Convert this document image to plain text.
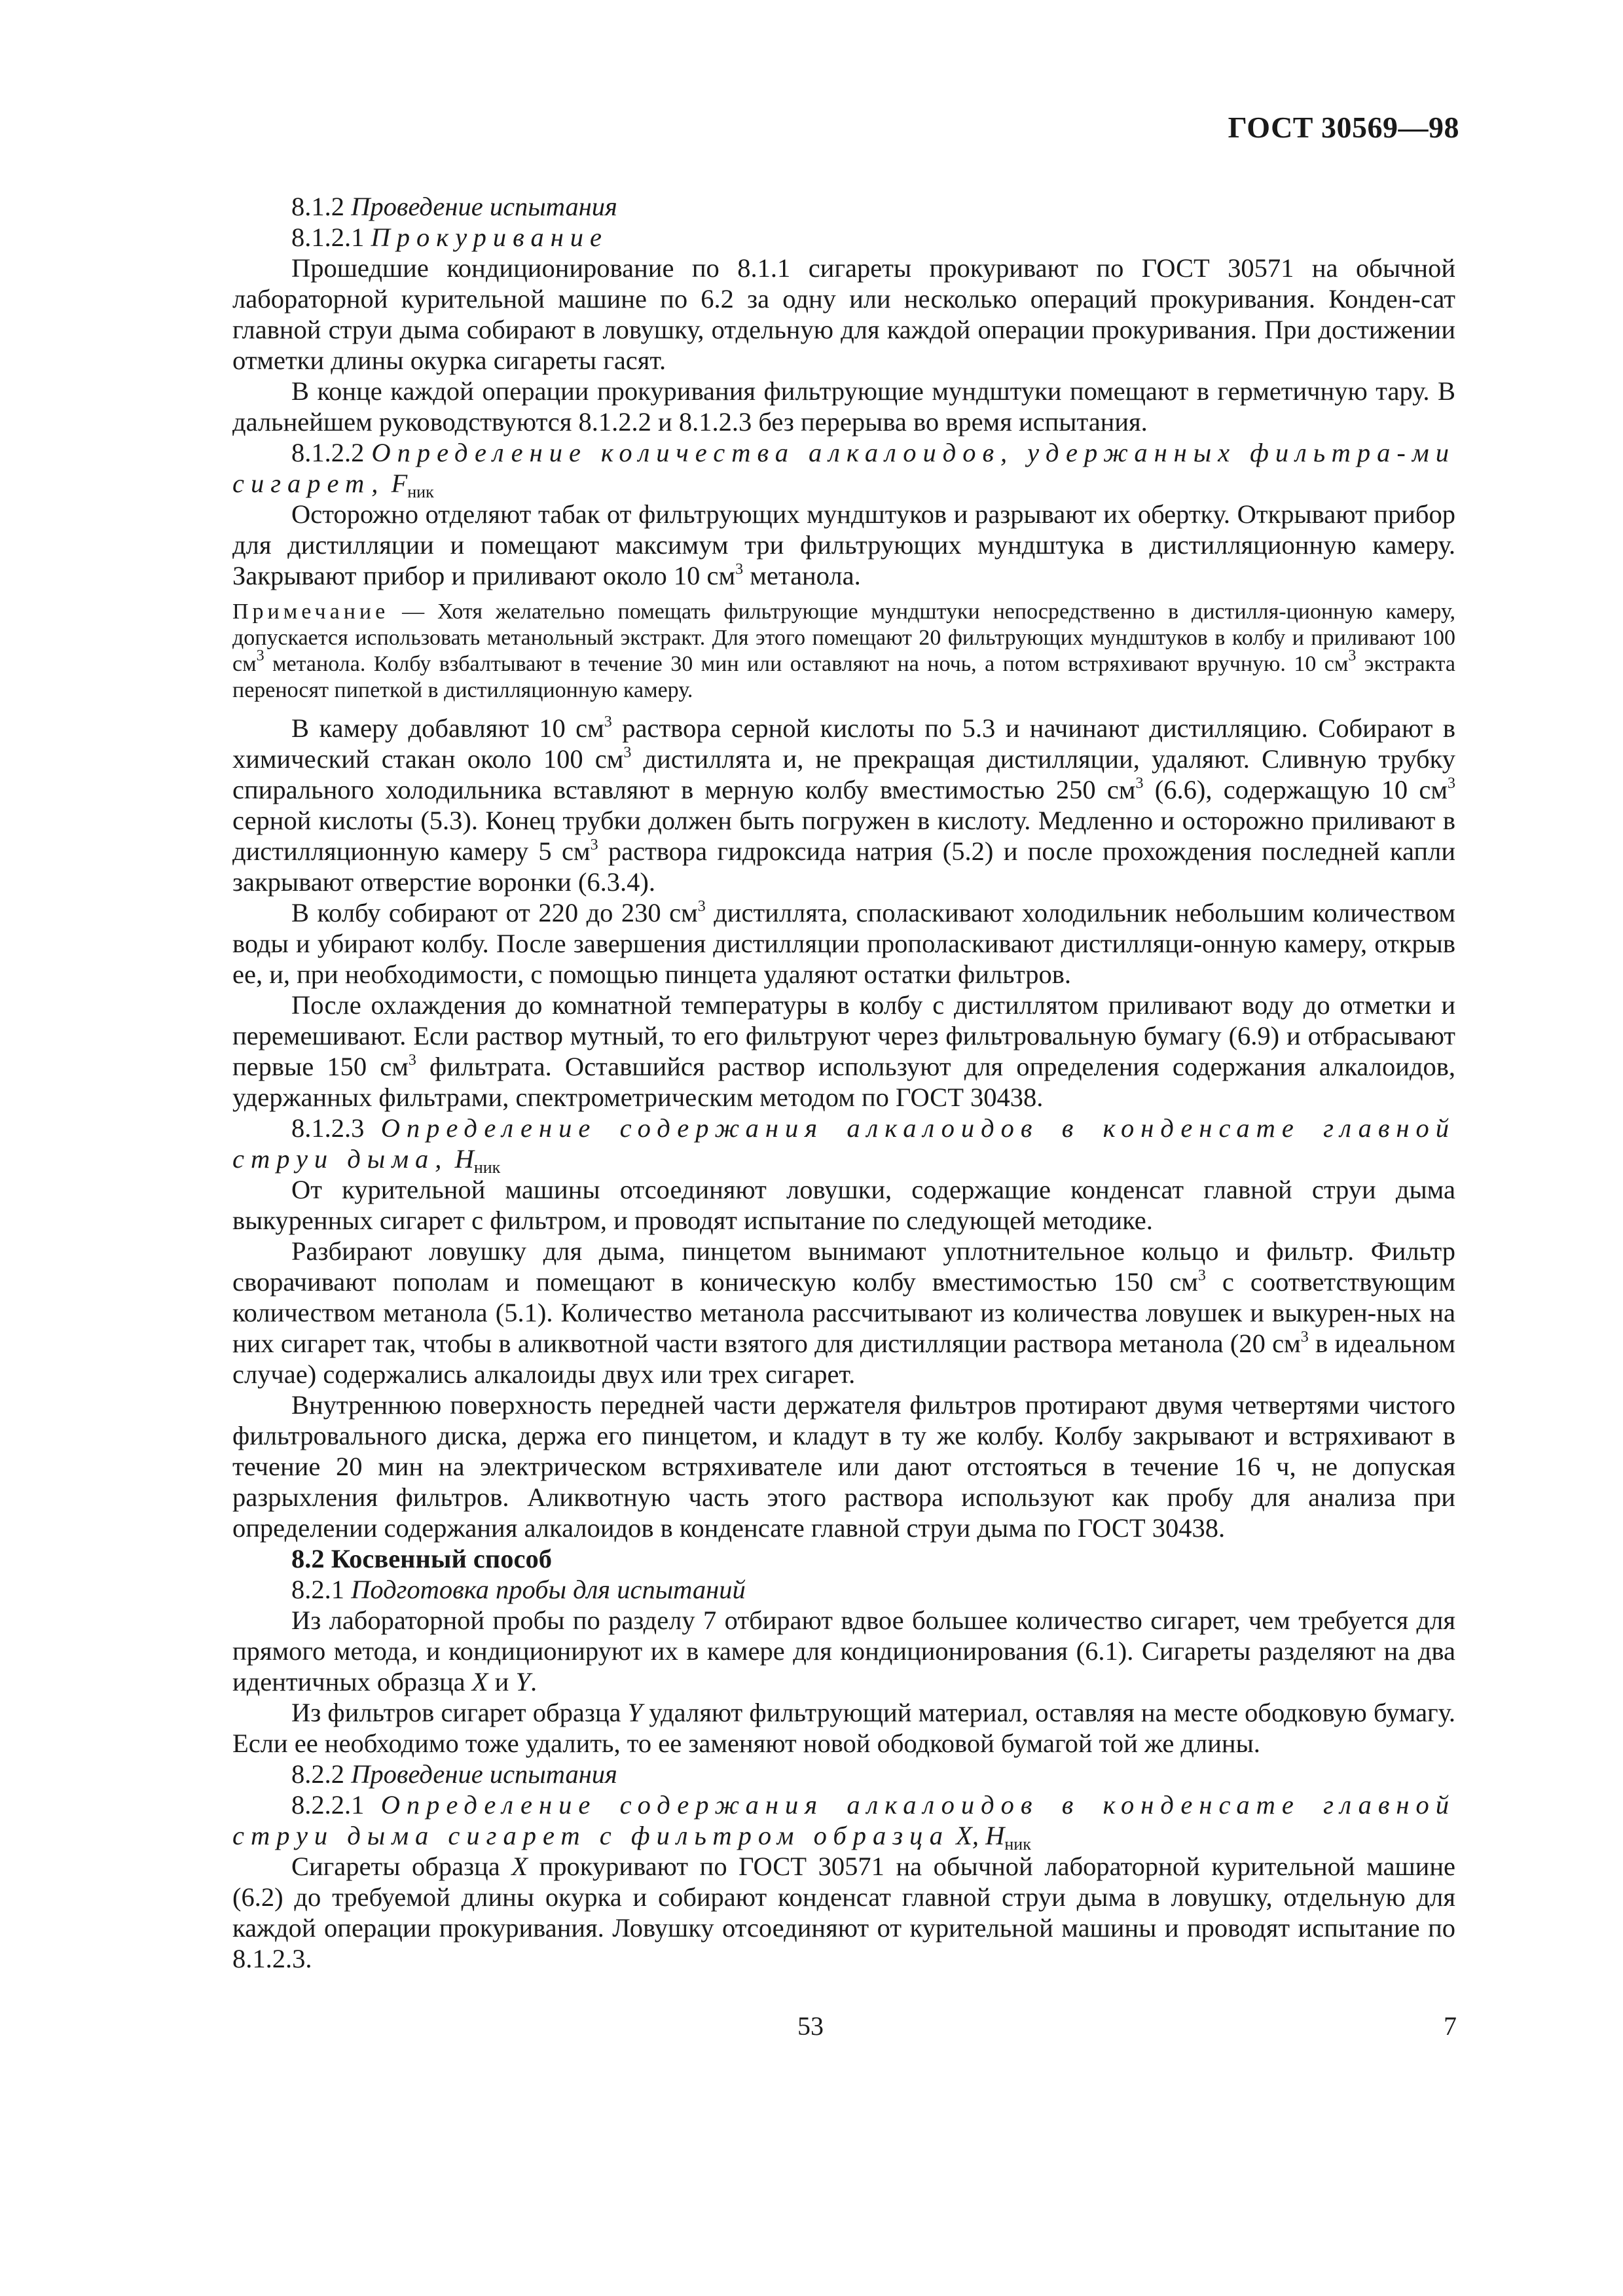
ГОСТ 30569—98

8.1.2 Проведение испытания

8.1.2.1 Прокуривание

Прошедшие кондиционирование по 8.1.1 сигареты прокуривают по ГОСТ 30571 на обычной лабораторной курительной машине по 6.2 за одну или несколько операций прокуривания. Конден-сат главной струи дыма собирают в ловушку, отдельную для каждой операции прокуривания. При достижении отметки длины окурка сигареты гасят.

В конце каждой операции прокуривания фильтрующие мундштуки помещают в герметичную тару. В дальнейшем руководствуются 8.1.2.2 и 8.1.2.3 без перерыва во время испытания.

8.1.2.2 Определение количества алкалоидов, удержанных фильтра-ми сигарет, $F_{ник}$

Осторожно отделяют табак от фильтрующих мундштуков и разрывают их обертку. Открывают прибор для дистилляции и помещают максимум три фильтрующих мундштука в дистилляционную камеру. Закрывают прибор и приливают около 10 $см^3$ метанола.

Примечание — Хотя желательно помещать фильтрующие мундштуки непосредственно в дистилля-ционную камеру, допускается использовать метанольный экстракт. Для этого помещают 20 фильтрующих мундштуков в колбу и приливают 100 $см^3$ метанола. Колбу взбалтывают в течение 30 мин или оставляют на ночь, а потом встряхивают вручную. 10 $см^3$ экстракта переносят пипеткой в дистилляционную камеру.

В камеру добавляют 10 $см^3$ раствора серной кислоты по 5.3 и начинают дистилляцию. Собирают в химический стакан около 100 $см^3$ дистиллята и, не прекращая дистилляции, удаляют. Сливную трубку спирального холодильника вставляют в мерную колбу вместимостью 250 $см^3$ (6.6), содержащую 10 $см^3$ серной кислоты (5.3). Конец трубки должен быть погружен в кислоту. Медленно и осторожно приливают в дистилляционную камеру 5 $см^3$ раствора гидроксида натрия (5.2) и после прохождения последней капли закрывают отверстие воронки (6.3.4).

В колбу собирают от 220 до 230 $см^3$ дистиллята, споласкивают холодильник небольшим количеством воды и убирают колбу. После завершения дистилляции прополаскивают дистилляци-онную камеру, открыв ее, и, при необходимости, с помощью пинцета удаляют остатки фильтров.

После охлаждения до комнатной температуры в колбу с дистиллятом приливают воду до отметки и перемешивают. Если раствор мутный, то его фильтруют через фильтровальную бумагу (6.9) и отбрасывают первые 150 $см^3$ фильтрата. Оставшийся раствор используют для определения содержания алкалоидов, удержанных фильтрами, спектрометрическим методом по ГОСТ 30438.

8.1.2.3 Определение содержания алкалоидов в конденсате главной струи дыма, $H_{ник}$

От курительной машины отсоединяют ловушки, содержащие конденсат главной струи дыма выкуренных сигарет с фильтром, и проводят испытание по следующей методике.

Разбирают ловушку для дыма, пинцетом вынимают уплотнительное кольцо и фильтр. Фильтр сворачивают пополам и помещают в коническую колбу вместимостью 150 $см^3$ с соответствующим количеством метанола (5.1). Количество метанола рассчитывают из количества ловушек и выкурен-ных на них сигарет так, чтобы в аликвотной части взятого для дистилляции раствора метанола (20 $см^3$ в идеальном случае) содержались алкалоиды двух или трех сигарет.

Внутреннюю поверхность передней части держателя фильтров протирают двумя четвертями чистого фильтровального диска, держа его пинцетом, и кладут в ту же колбу. Колбу закрывают и встряхивают в течение 20 мин на электрическом встряхивателе или дают отстояться в течение 16 ч, не допуская разрыхления фильтров. Аликвотную часть этого раствора используют как пробу для анализа при определении содержания алкалоидов в конденсате главной струи дыма по ГОСТ 30438.

8.2 Косвенный способ

8.2.1 Подготовка пробы для испытаний

Из лабораторной пробы по разделу 7 отбирают вдвое большее количество сигарет, чем требуется для прямого метода, и кондиционируют их в камере для кондиционирования (6.1). Сигареты разделяют на два идентичных образца X и Y.

Из фильтров сигарет образца Y удаляют фильтрующий материал, оставляя на месте ободковую бумагу. Если ее необходимо тоже удалить, то ее заменяют новой ободковой бумагой той же длины.

8.2.2 Проведение испытания

8.2.2.1 Определение содержания алкалоидов в конденсате главной струи дыма сигарет с фильтром образца X, $H_{ник}$

Сигареты образца X прокуривают по ГОСТ 30571 на обычной лабораторной курительной машине (6.2) до требуемой длины окурка и собирают конденсат главной струи дыма в ловушку, отдельную для каждой операции прокуривания. Ловушку отсоединяют от курительной машины и проводят испытание по 8.1.2.3.

53	7
